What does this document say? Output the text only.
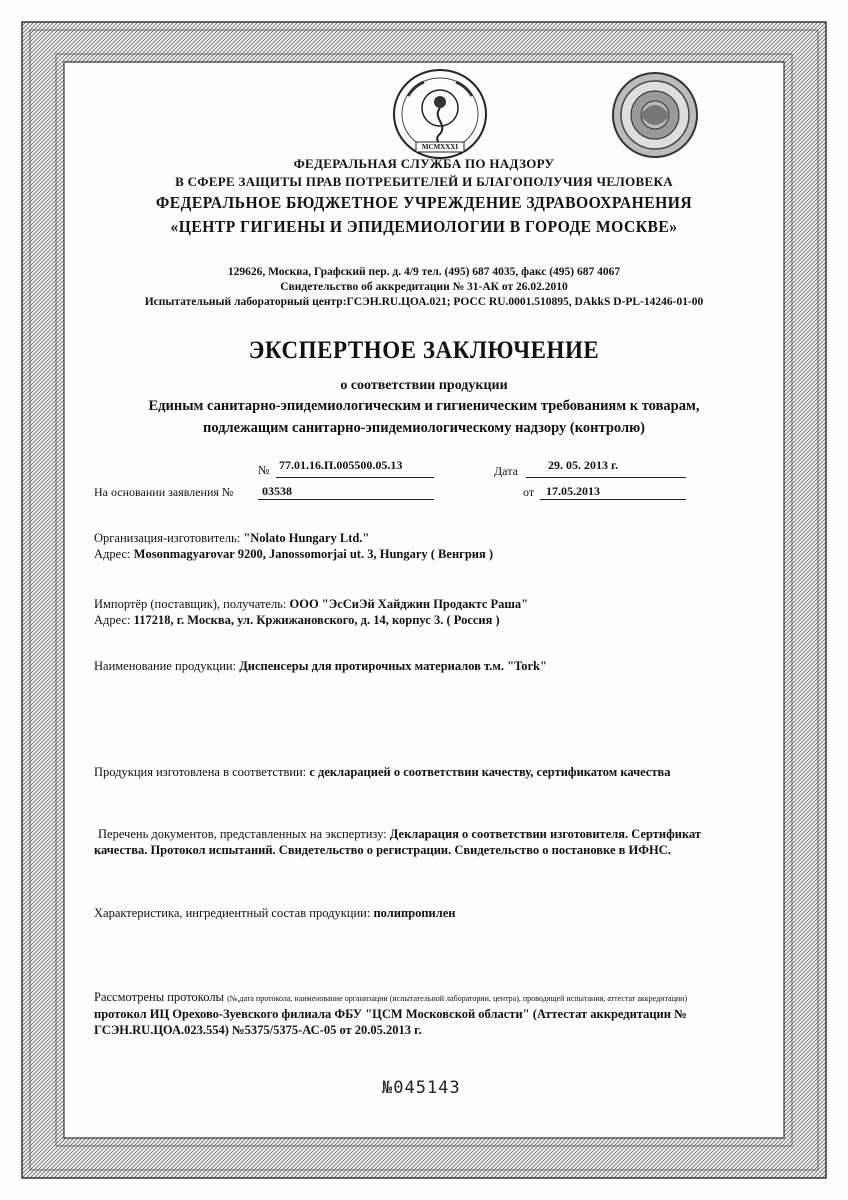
MCMXXXI
ФЕДЕРАЛЬНАЯ СЛУЖБА ПО НАДЗОРУ
В СФЕРЕ ЗАЩИТЫ ПРАВ ПОТРЕБИТЕЛЕЙ И БЛАГОПОЛУЧИЯ ЧЕЛОВЕКА
ФЕДЕРАЛЬНОЕ БЮДЖЕТНОЕ УЧРЕЖДЕНИЕ ЗДРАВООХРАНЕНИЯ
«ЦЕНТР ГИГИЕНЫ И ЭПИДЕМИОЛОГИИ В ГОРОДЕ МОСКВЕ»
129626, Москва, Графский пер. д. 4/9 тел. (495) 687 4035, факс (495) 687 4067
Свидетельство об аккредитации № 31-АК от 26.02.2010
Испытательный лабораторный центр:ГСЭН.RU.ЦОА.021; РОСС RU.0001.510895, DAkkS D-PL-14246-01-00
ЭКСПЕРТНОЕ ЗАКЛЮЧЕНИЕ
о соответствии продукции
Единым санитарно-эпидемиологическим и гигиеническим требованиям к товарам,
подлежащим санитарно-эпидемиологическому надзору (контролю)
№ 77.01.16.П.005500.05.13	Дата	29. 05. 2013 г.
На основании заявления № 03538	от 17.05.2013
Организация-изготовитель: "Nolato Hungary Ltd."
Адрес: Mosonmagyarovar 9200, Janossomorjai ut. 3, Hungary ( Венгрия )
Импортёр (поставщик), получатель: ООО "ЭсСиЭй Хайджин Продактс Раша"
Адрес: 117218, г. Москва, ул. Кржижановского, д. 14, корпус 3. ( Россия )
Наименование продукции: Диспенсеры для протирочных материалов т.м. "Tork"
Продукция изготовлена в соответствии: с декларацией о соответствии качеству, сертификатом качества
Перечень документов, представленных на экспертизу: Декларация о соответствии изготовителя. Сертификат
качества. Протокол испытаний. Свидетельство о регистрации. Свидетельство о постановке в ИФНС.
Характеристика, ингредиентный состав продукции: полипропилен
Рассмотрены протоколы (№,дата протокола, наименование организации (испытательной лаборатории, центра), проводящей испытания, аттестат аккредитации)
протокол ИЦ Орехово-Зуевского филиала ФБУ "ЦСМ Московской области" (Аттестат аккредитации №
ГСЭН.RU.ЦОА.023.554) №5375/5375-АС-05 от 20.05.2013 г.
№045143
